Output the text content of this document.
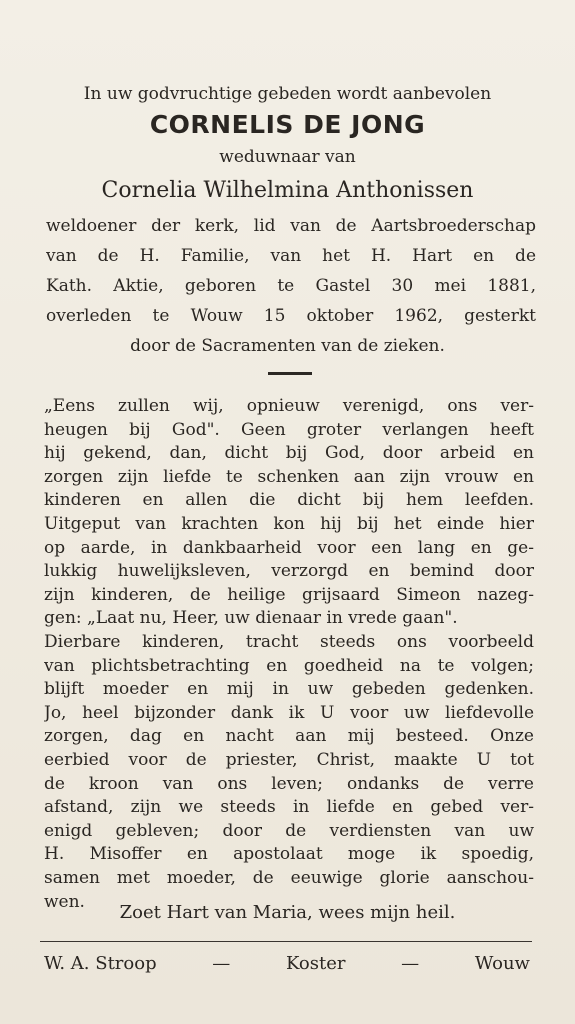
In uw godvruchtige gebeden wordt aanbevolen
CORNELIS DE JONG
weduwnaar van
Cornelia Wilhelmina Anthonissen
weldoener der kerk, lid van de Aartsbroederschap
van de H. Familie, van het H. Hart en de
Kath. Aktie, geboren te Gastel 30 mei 1881,
overleden te Wouw 15 oktober 1962, gesterkt
door de Sacramenten van de zieken.
„Eens zullen wij, opnieuw verenigd, ons ver-
heugen bij God". Geen groter verlangen heeft
hij gekend, dan, dicht bij God, door arbeid en
zorgen zijn liefde te schenken aan zijn vrouw en
kinderen en allen die dicht bij hem leefden.
Uitgeput van krachten kon hij bij het einde hier
op aarde, in dankbaarheid voor een lang en ge-
lukkig huwelijksleven, verzorgd en bemind door
zijn kinderen, de heilige grijsaard Simeon nazeg-
gen: „Laat nu, Heer, uw dienaar in vrede gaan".
Dierbare kinderen, tracht steeds ons voorbeeld
van plichtsbetrachting en goedheid na te volgen;
blijft moeder en mij in uw gebeden gedenken.
Jo, heel bijzonder dank ik U voor uw liefdevolle
zorgen, dag en nacht aan mij besteed. Onze
eerbied voor de priester, Christ, maakte U tot
de kroon van ons leven; ondanks de verre
afstand, zijn we steeds in liefde en gebed ver-
enigd gebleven; door de verdiensten van uw
H. Misoffer en apostolaat moge ik spoedig,
samen met moeder, de eeuwige glorie aanschou-
wen.
Zoet Hart van Maria, wees mijn heil.
W. A. Stroop	—	Koster	—	Wouw
